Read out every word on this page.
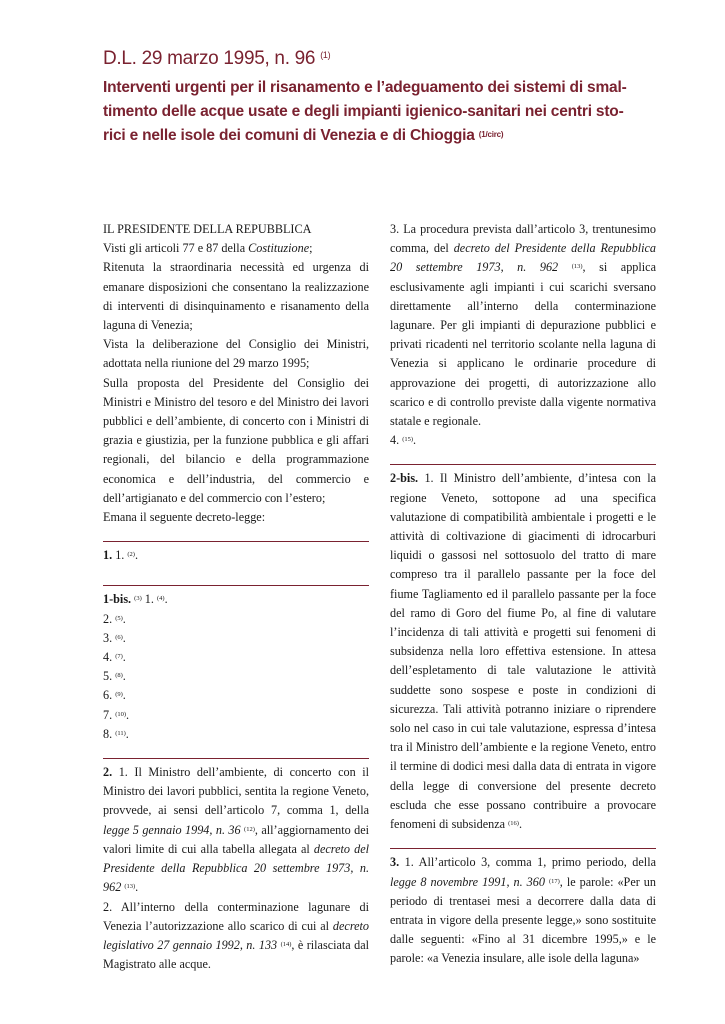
D.L. 29 marzo 1995, n. 96 $^{(1)}$
Interventi urgenti per il risanamento e l’adeguamento dei sistemi di smal-
timento delle acque usate e degli impianti igienico-sanitari nei centri sto-
rici e nelle isole dei comuni di Venezia e di Chioggia $^{(1/circ)}$

IL PRESIDENTE DELLA REPUBBLICA

Visti gli articoli 77 e 87 della Costituzione;

Ritenuta la straordinaria necessità ed urgenza di emanare disposizioni che consentano la realizzazione di interventi di disinquinamento e risanamento della laguna di Venezia;

Vista la deliberazione del Consiglio dei Ministri, adottata nella riunione del 29 marzo 1995;

Sulla proposta del Presidente del Consiglio dei Ministri e Ministro del tesoro e del Ministro dei lavori pubblici e dell’ambiente, di concerto con i Ministri di grazia e giustizia, per la funzione pubblica e gli affari regionali, del bilancio e della programmazione economica e dell’industria, del commercio e dell’artigianato e del commercio con l’estero;

Emana il seguente decreto-legge:

1. 1. $^{(2)}$.

1-bis. $^{(3)}$ 1. $^{(4)}$.

2. $^{(5)}$.

3. $^{(6)}$.

4. $^{(7)}$.

5. $^{(8)}$.

6. $^{(9)}$.

7. $^{(10)}$.

8. $^{(11)}$.

2. 1. Il Ministro dell’ambiente, di concerto con il Ministro dei lavori pubblici, sentita la regione Veneto, provvede, ai sensi dell’articolo 7, comma 1, della legge 5 gennaio 1994, n. 36 $^{(12)}$, all’aggiornamento dei valori limite di cui alla tabella allegata al decreto del Presidente della Repubblica 20 settembre 1973, n. 962 $^{(13)}$.

2. All’interno della conterminazione lagunare di Venezia l’autorizzazione allo scarico di cui al decreto legislativo 27 gennaio 1992, n. 133 $^{(14)}$, è rilasciata dal Magistrato alle acque.

3. La procedura prevista dall’articolo 3, trentunesimo comma, del decreto del Presidente della Repubblica 20 settembre 1973, n. 962 $^{(13)}$, si applica esclusivamente agli impianti i cui scarichi sversano direttamente all’interno della conterminazione lagunare. Per gli impianti di depurazione pubblici e privati ricadenti nel territorio scolante nella laguna di Venezia si applicano le ordinarie procedure di approvazione dei progetti, di autorizzazione allo scarico e di controllo previste dalla vigente normativa statale e regionale.

4. $^{(15)}$.

2-bis. 1. Il Ministro dell’ambiente, d’intesa con la regione Veneto, sottopone ad una specifica valutazione di compatibilità ambientale i progetti e le attività di coltivazione di giacimenti di idrocarburi liquidi o gassosi nel sottosuolo del tratto di mare compreso tra il parallelo passante per la foce del fiume Tagliamento ed il parallelo passante per la foce del ramo di Goro del fiume Po, al fine di valutare l’incidenza di tali attività e progetti sui fenomeni di subsidenza nella loro effettiva estensione. In attesa dell’espletamento di tale valutazione le attività suddette sono sospese e poste in condizioni di sicurezza. Tali attività potranno iniziare o riprendere solo nel caso in cui tale valutazione, espressa d’intesa tra il Ministro dell’ambiente e la regione Veneto, entro il termine di dodici mesi dalla data di entrata in vigore della legge di conversione del presente decreto escluda che esse possano contribuire a provocare fenomeni di subsidenza $^{(16)}$.

3. 1. All’articolo 3, comma 1, primo periodo, della legge 8 novembre 1991, n. 360 $^{(17)}$, le parole: «Per un periodo di trentasei mesi a decorrere dalla data di entrata in vigore della presente legge,» sono sostituite dalle seguenti: «Fino al 31 dicembre 1995,» e le parole: «a Venezia insulare, alle isole della laguna»
